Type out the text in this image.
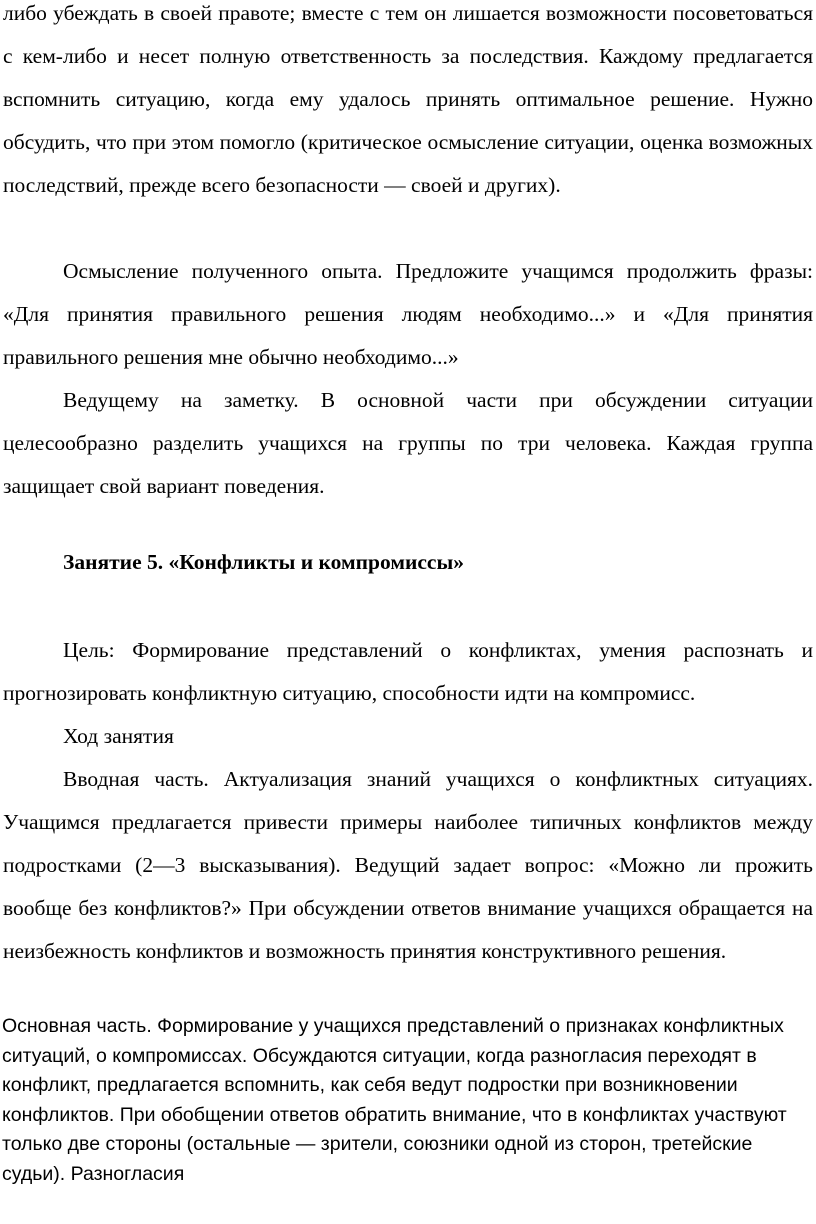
либо убеждать в своей правоте; вместе с тем он лишается возможности посоветоваться с кем-либо и несет полную ответственность за последствия. Каждому предлагается вспомнить ситуацию, когда ему удалось принять оптимальное решение. Нужно обсудить, что при этом помогло (критическое осмысление ситуации, оценка возможных последствий, прежде всего безопасности — своей и других).

Осмысление полученного опыта. Предложите учащимся продолжить фразы: «Для принятия правильного решения людям необходимо...» и «Для принятия правильного решения мне обычно необходимо...»

Ведущему на заметку. В основной части при обсуждении ситуации целесообразно разделить учащихся на группы по три человека. Каждая группа защищает свой вариант поведения.

Занятие 5. «Конфликты и компромиссы»

Цель: Формирование представлений о конфликтах, умения распознать и прогнозировать конфликтную ситуацию, способности идти на компромисс.

Ход занятия

Вводная часть. Актуализация знаний учащихся о конфликтных ситуациях. Учащимся предлагается привести примеры наиболее типичных конфликтов между подростками (2—3 высказывания). Ведущий задает вопрос: «Можно ли прожить вообще без конфликтов?» При обсуждении ответов внимание учащихся обращается на неизбежность конфликтов и возможность принятия конструктивного решения.

Основная часть. Формирование у учащихся представлений о признаках конфликтных ситуаций, о компромиссах. Обсуждаются ситуации, когда разногласия переходят в конфликт, предлагается вспомнить, как себя ведут подростки при возникновении конфликтов. При обобщении ответов обратить внимание, что в конфликтах участвуют только две стороны (остальные — зрители, союзники одной из сторон, третейские судьи). Разногласия
